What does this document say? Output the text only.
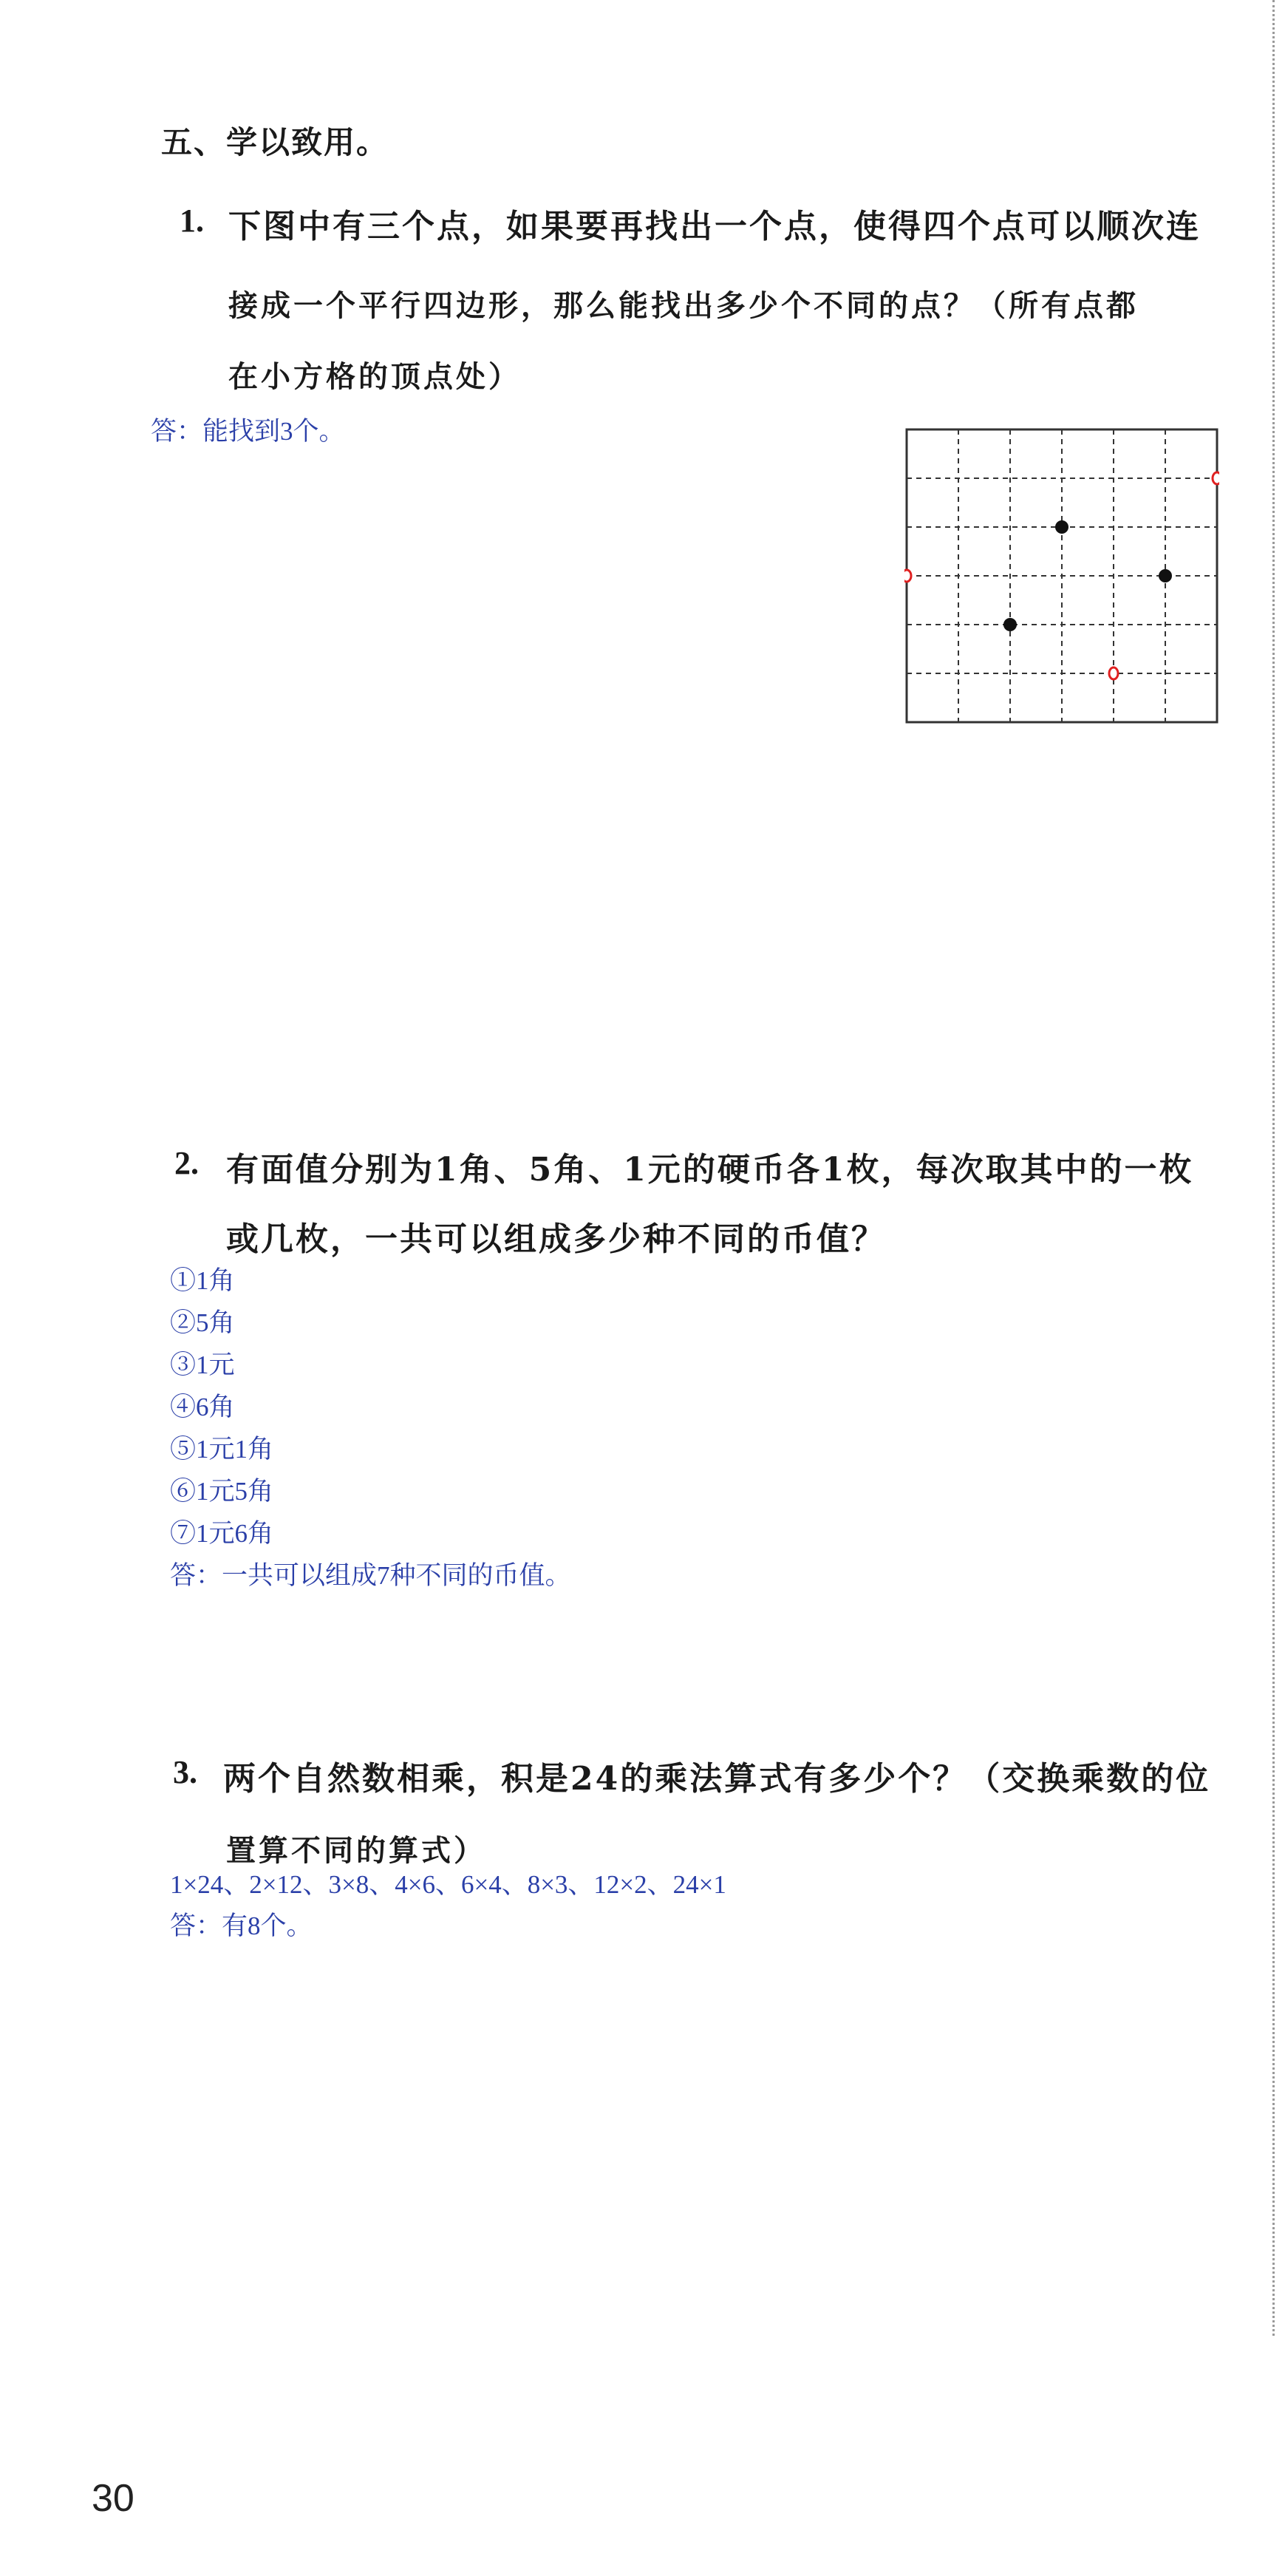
五、学以致用。
1. 下图中有三个点，如果要再找出一个点，使得四个点可以顺次连
接成一个平行四边形，那么能找出多少个不同的点？（所有点都
在小方格的顶点处）
答：能找到3个。
2. 有面值分别为1角、5角、1元的硬币各1枚，每次取其中的一枚
或几枚，一共可以组成多少种不同的币值？
①1角
②5角
③1元
④6角
⑤1元1角
⑥1元5角
⑦1元6角
答：一共可以组成7种不同的币值。
3. 两个自然数相乘，积是24的乘法算式有多少个？（交换乘数的位
置算不同的算式）
1×24、2×12、3×8、4×6、6×4、8×3、12×2、24×1
答：有8个。
30
